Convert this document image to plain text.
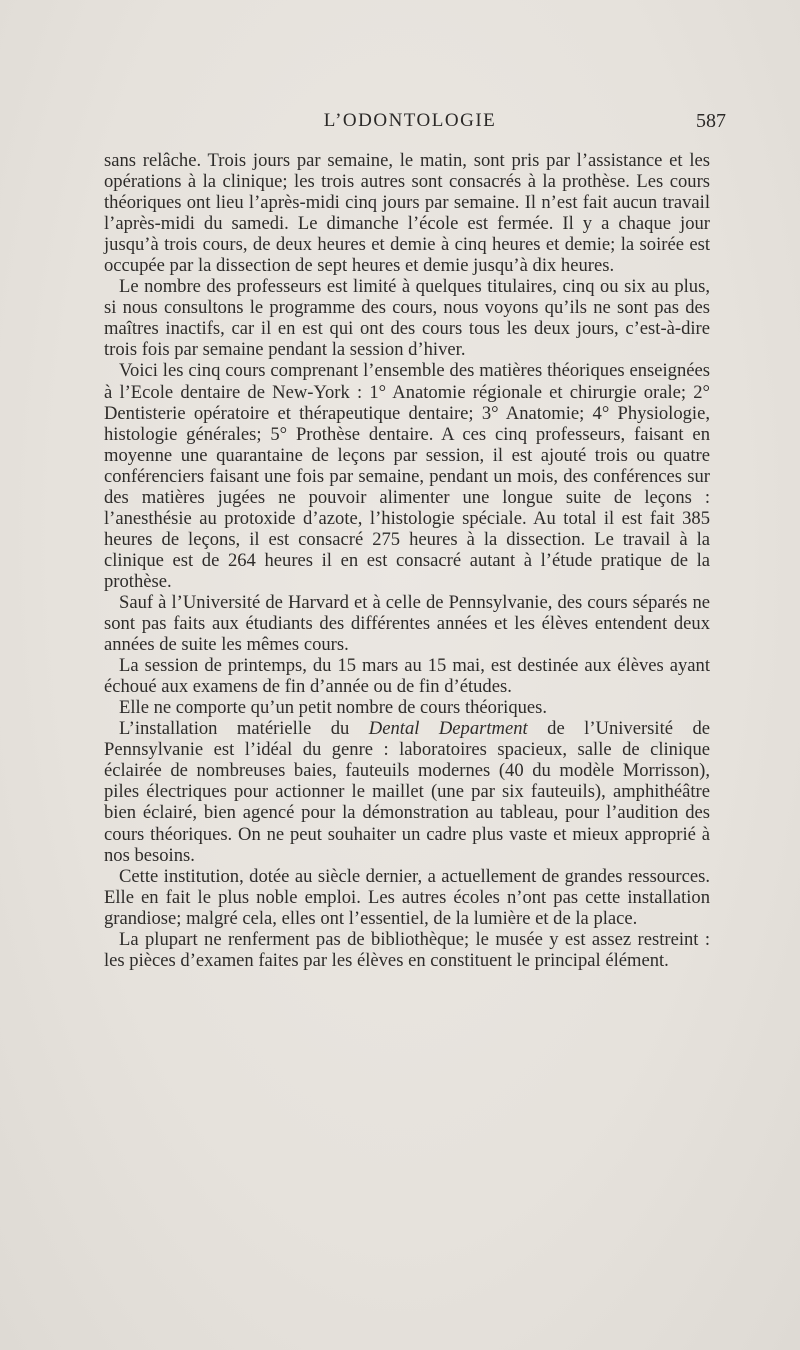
L’ODONTOLOGIE	587

sans relâche. Trois jours par semaine, le matin, sont pris par l’assistance et les opérations à la clinique; les trois autres sont consacrés à la prothèse. Les cours théoriques ont lieu l’après-midi cinq jours par semaine. Il n’est fait aucun travail l’après-midi du samedi. Le dimanche l’école est fermée. Il y a chaque jour jusqu’à trois cours, de deux heures et demie à cinq heures et demie; la soirée est occupée par la dissection de sept heures et demie jusqu’à dix heures.

Le nombre des professeurs est limité à quelques titulaires, cinq ou six au plus, si nous consultons le programme des cours, nous voyons qu’ils ne sont pas des maîtres inactifs, car il en est qui ont des cours tous les deux jours, c’est-à-dire trois fois par semaine pendant la session d’hiver.

Voici les cinq cours comprenant l’ensemble des matières théoriques enseignées à l’Ecole dentaire de New-York : 1° Anatomie régionale et chirurgie orale; 2° Dentisterie opératoire et thérapeutique dentaire; 3° Anatomie; 4° Physiologie, histologie générales; 5° Prothèse dentaire. A ces cinq professeurs, faisant en moyenne une quarantaine de leçons par session, il est ajouté trois ou quatre conférenciers faisant une fois par semaine, pendant un mois, des conférences sur des matières jugées ne pouvoir alimenter une longue suite de leçons : l’anesthésie au protoxide d’azote, l’histologie spéciale. Au total il est fait 385 heures de leçons, il est consacré 275 heures à la dissection. Le travail à la clinique est de 264 heures il en est consacré autant à l’étude pratique de la prothèse.

Sauf à l’Université de Harvard et à celle de Pennsylvanie, des cours séparés ne sont pas faits aux étudiants des différentes années et les élèves entendent deux années de suite les mêmes cours.

La session de printemps, du 15 mars au 15 mai, est destinée aux élèves ayant échoué aux examens de fin d’année ou de fin d’études.

Elle ne comporte qu’un petit nombre de cours théoriques.

L’installation matérielle du Dental Department de l’Université de Pennsylvanie est l’idéal du genre : laboratoires spacieux, salle de clinique éclairée de nombreuses baies, fauteuils modernes (40 du modèle Morrisson), piles électriques pour actionner le maillet (une par six fauteuils), amphithéâtre bien éclairé, bien agencé pour la démonstration au tableau, pour l’audition des cours théoriques. On ne peut souhaiter un cadre plus vaste et mieux approprié à nos besoins.

Cette institution, dotée au siècle dernier, a actuellement de grandes ressources. Elle en fait le plus noble emploi. Les autres écoles n’ont pas cette installation grandiose; malgré cela, elles ont l’essentiel, de la lumière et de la place.

La plupart ne renferment pas de bibliothèque; le musée y est assez restreint : les pièces d’examen faites par les élèves en constituent le principal élément.
